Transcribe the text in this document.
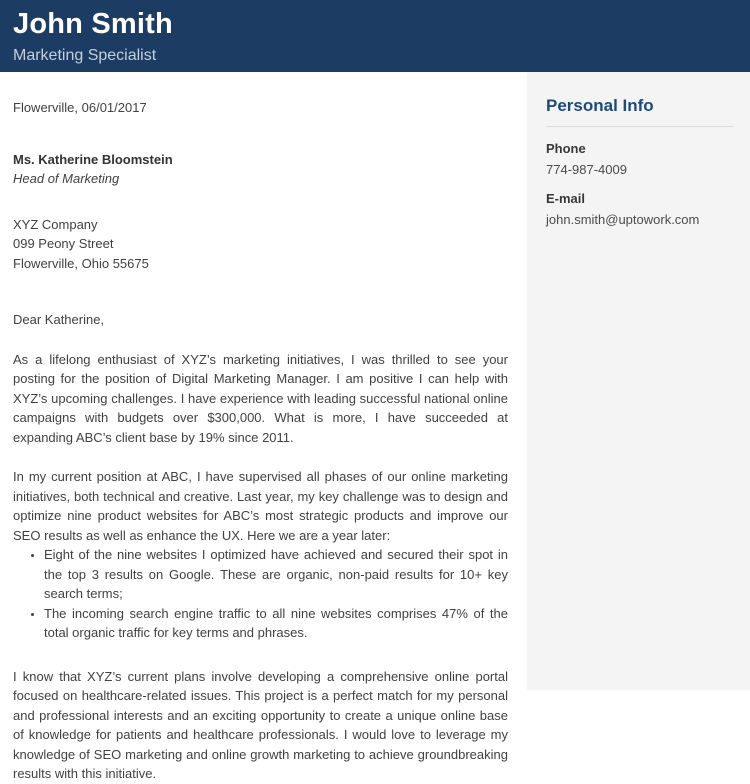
John Smith
Marketing Specialist
Flowerville, 06/01/2017
Ms. Katherine Bloomstein
Head of Marketing
XYZ Company
099 Peony Street
Flowerville, Ohio 55675
Dear Katherine,

As a lifelong enthusiast of XYZ’s marketing initiatives, I was thrilled to see your posting for the position of Digital Marketing Manager. I am positive I can help with XYZ’s upcoming challenges. I have experience with leading successful national online campaigns with budgets over $300,000. What is more, I have succeeded at expanding ABC’s client base by 19% since 2011.

In my current position at ABC, I have supervised all phases of our online marketing initiatives, both technical and creative. Last year, my key challenge was to design and optimize nine product websites for ABC’s most strategic products and improve our SEO results as well as enhance the UX. Here we are a year later:

• Eight of the nine websites I optimized have achieved and secured their spot in the top 3 results on Google. These are organic, non-paid results for 10+ key search terms;
• The incoming search engine traffic to all nine websites comprises 47% of the total organic traffic for key terms and phrases.

I know that XYZ’s current plans involve developing a comprehensive online portal focused on healthcare-related issues. This project is a perfect match for my personal and professional interests and an exciting opportunity to create a unique online base of knowledge for patients and healthcare professionals. I would love to leverage my knowledge of SEO marketing and online growth marketing to achieve groundbreaking results with this initiative.

Personal Info
Phone
774-987-4009
E-mail
john.smith@uptowork.com
